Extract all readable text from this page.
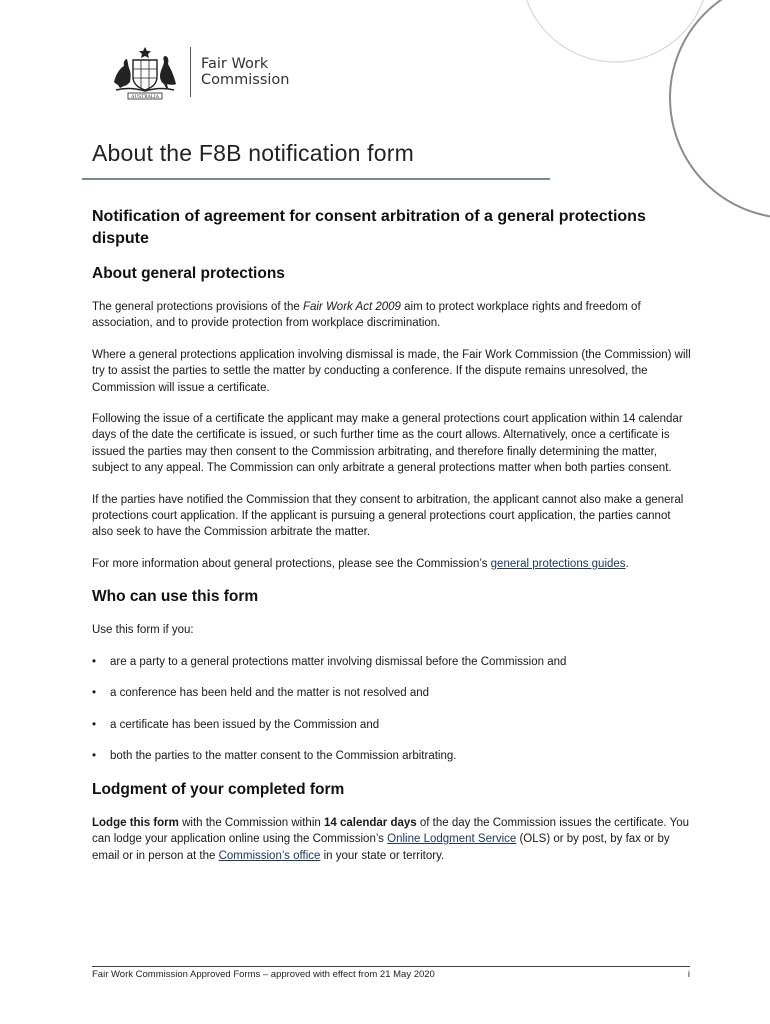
AUSTRALIA
Fair Work
Commission
About the F8B notification form
Notification of agreement for consent arbitration of a general protections dispute
About general protections

The general protections provisions of the Fair Work Act 2009 aim to protect workplace rights and freedom of association, and to provide protection from workplace discrimination.

Where a general protections application involving dismissal is made, the Fair Work Commission (the Commission) will try to assist the parties to settle the matter by conducting a conference. If the dispute remains unresolved, the Commission will issue a certificate.

Following the issue of a certificate the applicant may make a general protections court application within 14 calendar days of the date the certificate is issued, or such further time as the court allows. Alternatively, once a certificate is issued the parties may then consent to the Commission arbitrating, and therefore finally determining the matter, subject to any appeal. The Commission can only arbitrate a general protections matter when both parties consent.

If the parties have notified the Commission that they consent to arbitration, the applicant cannot also make a general protections court application. If the applicant is pursuing a general protections court application, the parties cannot also seek to have the Commission arbitrate the matter.

For more information about general protections, please see the Commission’s general protections guides.

Who can use this form

Use this form if you:

• are a party to a general protections matter involving dismissal before the Commission and
• a conference has been held and the matter is not resolved and
• a certificate has been issued by the Commission and
• both the parties to the matter consent to the Commission arbitrating.
Lodgment of your completed form

Lodge this form with the Commission within 14 calendar days of the day the Commission issues the certificate. You can lodge your application online using the Commission’s Online Lodgment Service (OLS) or by post, by fax or by email or in person at the Commission’s office in your state or territory.

Fair Work Commission Approved Forms – approved with effect from 21 May 2020	i
